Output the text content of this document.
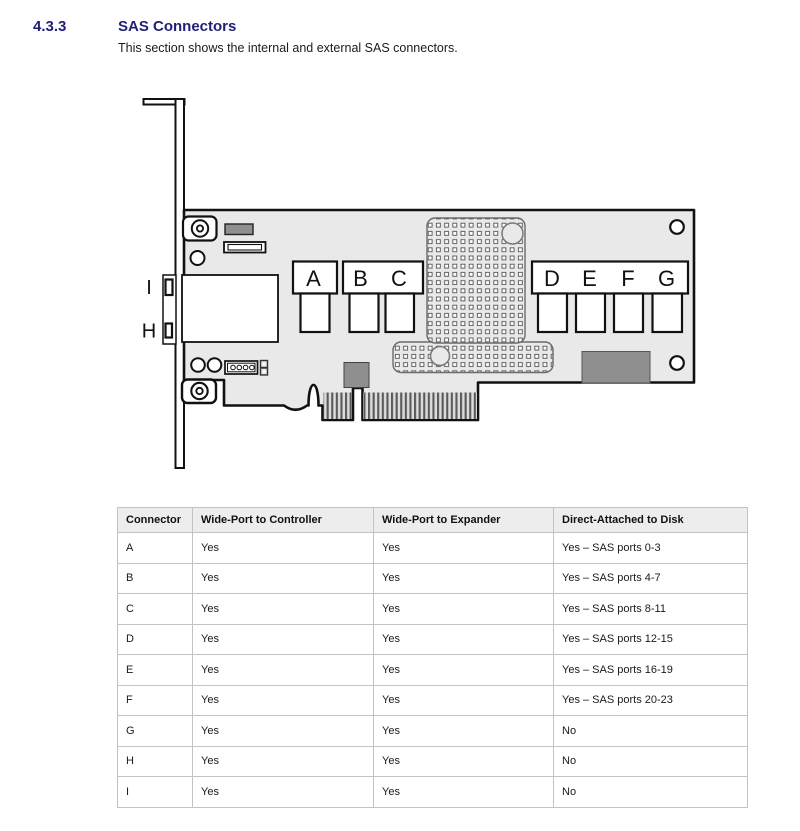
4.3.3	SAS Connectors
This section shows the internal and external SAS connectors.
I
H
A B C	D E F G
Connector	Wide-Port to Controller	Wide-Port to Expander	Direct-Attached to Disk
A	Yes	Yes	Yes – SAS ports 0-3
B	Yes	Yes	Yes – SAS ports 4-7
C	Yes	Yes	Yes – SAS ports 8-11
D	Yes	Yes	Yes – SAS ports 12-15
E	Yes	Yes	Yes – SAS ports 16-19
F	Yes	Yes	Yes – SAS ports 20-23
G	Yes	Yes	No
H	Yes	Yes	No
I	Yes	Yes	No
